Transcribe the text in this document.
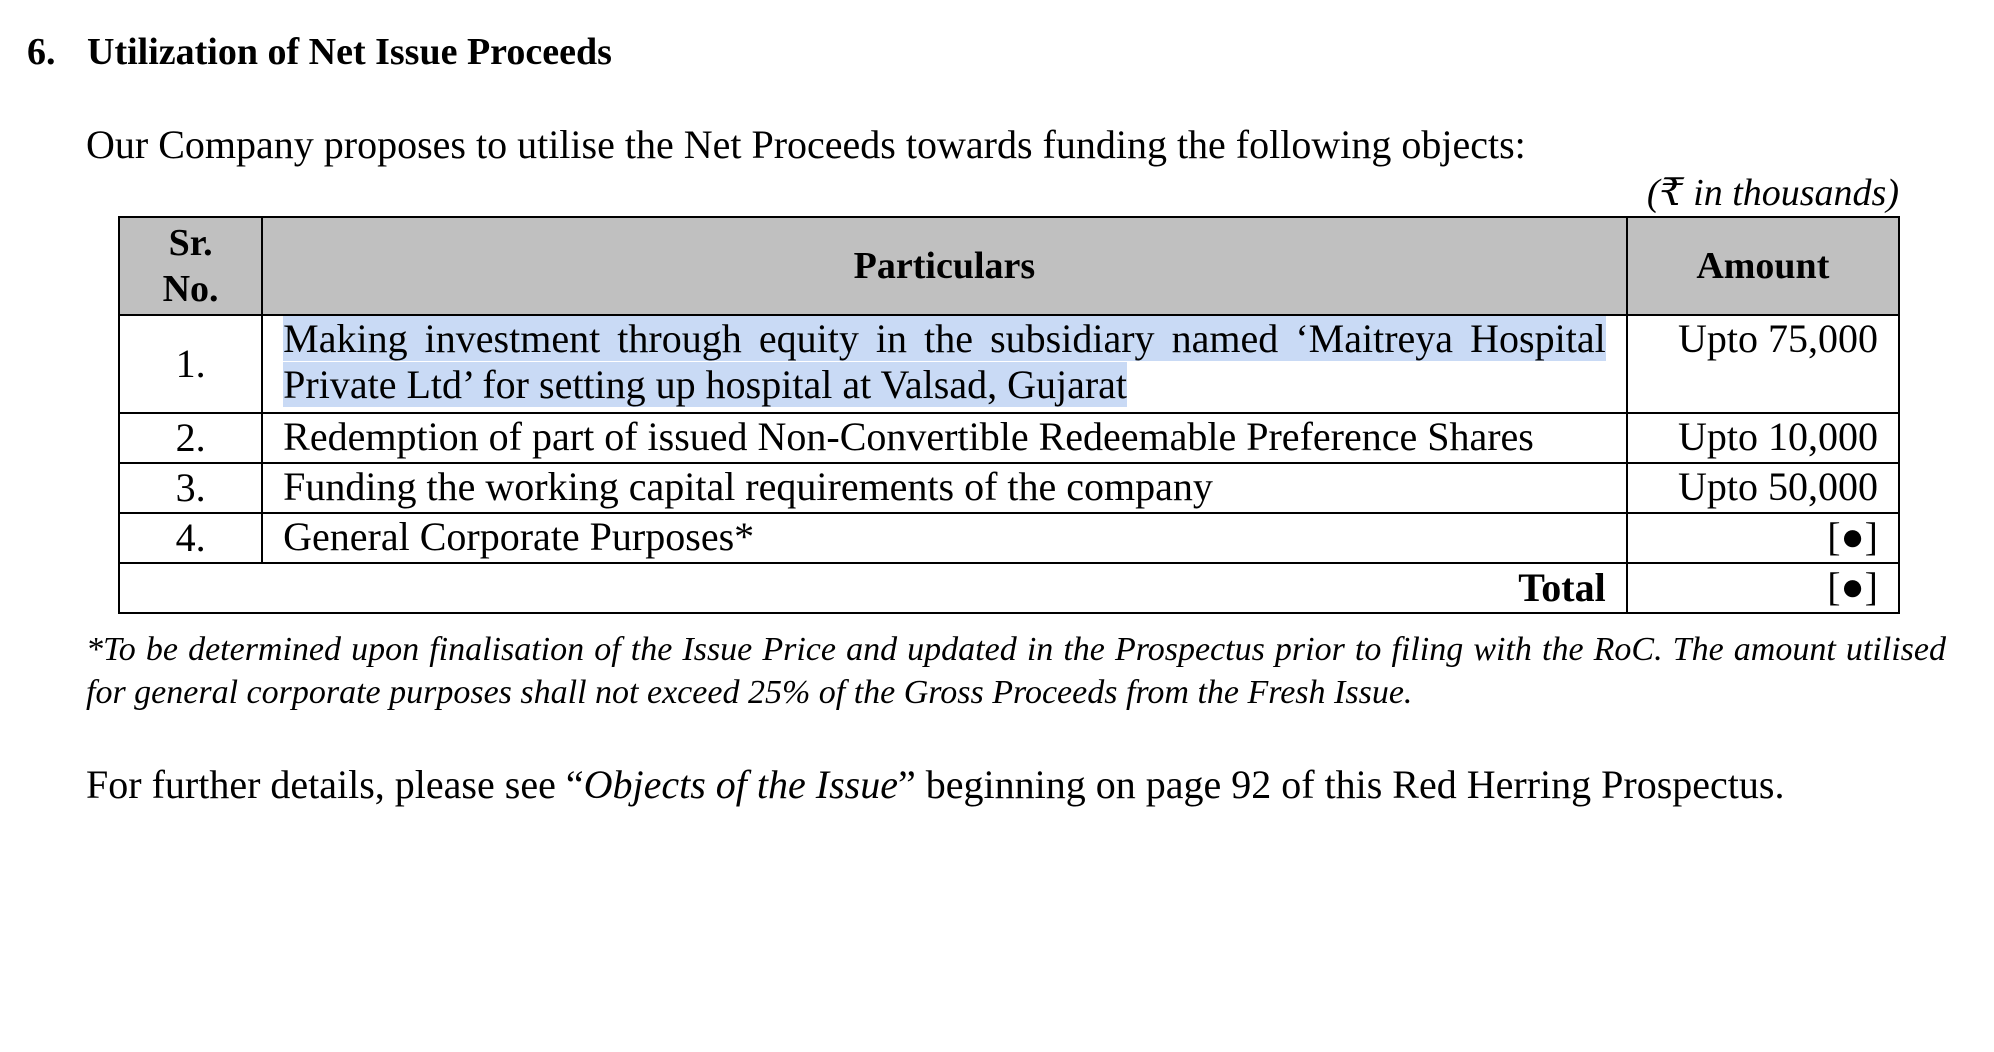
6. Utilization of Net Issue Proceeds
Our Company proposes to utilise the Net Proceeds towards funding the following objects:
(₹ in thousands)
Sr.
No.	Particulars	Amount
1.	Making investment through equity in the subsidiary named ‘Maitreya Hospital Private Ltd’ for setting up hospital at Valsad, Gujarat	Upto 75,000
2.	Redemption of part of issued Non-Convertible Redeemable Preference Shares	Upto 10,000
3.	Funding the working capital requirements of the company	Upto 50,000
4.	General Corporate Purposes*	[●]
Total		[●]
*To be determined upon finalisation of the Issue Price and updated in the Prospectus prior to filing with the RoC. The amount utilised for general corporate purposes shall not exceed 25% of the Gross Proceeds from the Fresh Issue.
For further details, please see “Objects of the Issue” beginning on page 92 of this Red Herring Prospectus.
